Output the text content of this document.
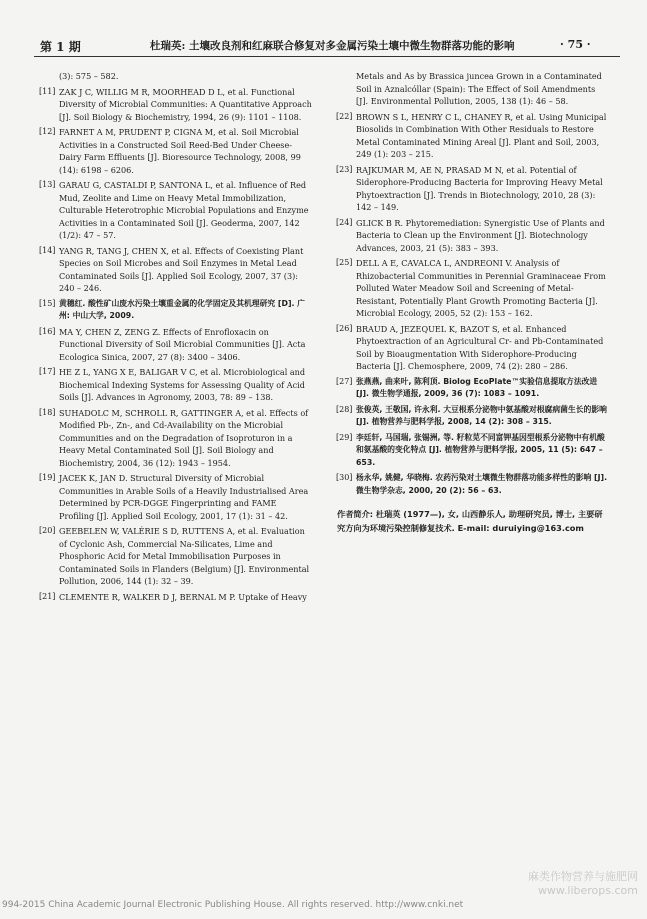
第 1 期	杜瑞英: 土壤改良剂和红麻联合修复对多金属污染土壤中微生物群落功能的影响	· 75 ·
(3): 575 – 582.
[11] ZAK J C, WILLIG M R, MOORHEAD D L, et al. Functional Diversity of Microbial Communities: A Quantitative Approach [J]. Soil Biology & Biochemistry, 1994, 26 (9): 1101 – 1108.
[12] FARNET A M, PRUDENT P, CIGNA M, et al. Soil Microbial Activities in a Constructed Soil Reed-Bed Under Cheese-Dairy Farm Effluents [J]. Bioresource Technology, 2008, 99 (14): 6198 – 6206.
[13] GARAU G, CASTALDI P, SANTONA L, et al. Influence of Red Mud, Zeolite and Lime on Heavy Metal Immobilization, Culturable Heterotrophic Microbial Populations and Enzyme Activities in a Contaminated Soil [J]. Geoderma, 2007, 142 (1/2): 47 – 57.
[14] YANG R, TANG J, CHEN X, et al. Effects of Coexisting Plant Species on Soil Microbes and Soil Enzymes in Metal Lead Contaminated Soils [J]. Applied Soil Ecology, 2007, 37 (3): 240 – 246.
[15] 黄穗红. 酸性矿山废水污染土壤重金属的化学固定及其机理研究 [D]. 广州: 中山大学, 2009.
[16] MA Y, CHEN Z, ZENG Z. Effects of Enrofloxacin on Functional Diversity of Soil Microbial Communities [J]. Acta Ecologica Sinica, 2007, 27 (8): 3400 – 3406.
[17] HE Z L, YANG X E, BALIGAR V C, et al. Microbiological and Biochemical Indexing Systems for Assessing Quality of Acid Soils [J]. Advances in Agronomy, 2003, 78: 89 – 138.
[18] SUHADOLC M, SCHROLL R, GATTINGER A, et al. Effects of Modified Pb-, Zn-, and Cd-Availability on the Microbial Communities and on the Degradation of Isoproturon in a Heavy Metal Contaminated Soil [J]. Soil Biology and Biochemistry, 2004, 36 (12): 1943 – 1954.
[19] JACEK K, JAN D. Structural Diversity of Microbial Communities in Arable Soils of a Heavily Industrialised Area Determined by PCR-DGGE Fingerprinting and FAME Profiling [J]. Applied Soil Ecology, 2001, 17 (1): 31 – 42.
[20] GEEBELEN W, VALÉRIE S D, RUTTENS A, et al. Evaluation of Cyclonic Ash, Commercial Na-Silicates, Lime and Phosphoric Acid for Metal Immobilisation Purposes in Contaminated Soils in Flanders (Belgium) [J]. Environmental Pollution, 2006, 144 (1): 32 – 39.
[21] CLEMENTE R, WALKER D J, BERNAL M P. Uptake of Heavy
Metals and As by Brassica juncea Grown in a Contaminated Soil in Aznalcóllar (Spain): The Effect of Soil Amendments [J]. Environmental Pollution, 2005, 138 (1): 46 – 58.
[22] BROWN S L, HENRY C L, CHANEY R, et al. Using Municipal Biosolids in Combination With Other Residuals to Restore Metal Contaminated Mining Areal [J]. Plant and Soil, 2003, 249 (1): 203 – 215.
[23] RAJKUMAR M, AE N, PRASAD M N, et al. Potential of Siderophore-Producing Bacteria for Improving Heavy Metal Phytoextraction [J]. Trends in Biotechnology, 2010, 28 (3): 142 – 149.
[24] GLICK B R. Phytoremediation: Synergistic Use of Plants and Bacteria to Clean up the Environment [J]. Biotechnology Advances, 2003, 21 (5): 383 – 393.
[25] DELL A E, CAVALCA L, ANDREONI V. Analysis of Rhizobacterial Communities in Perennial Graminaceae From Polluted Water Meadow Soil and Screening of Metal-Resistant, Potentially Plant Growth Promoting Bacteria [J]. Microbial Ecology, 2005, 52 (2): 153 – 162.
[26] BRAUD A, JEZEQUEL K, BAZOT S, et al. Enhanced Phytoextraction of an Agricultural Cr- and Pb-Contaminated Soil by Bioaugmentation With Siderophore-Producing Bacteria [J]. Chemosphere, 2009, 74 (2): 280 – 286.
[27] 张燕燕, 曲来叶, 陈利顶. Biolog EcoPlate™实验信息提取方法改进 [J]. 微生物学通报, 2009, 36 (7): 1083 – 1091.
[28] 张俊英, 王敬国, 许永利. 大豆根系分泌物中氨基酸对根腐病菌生长的影响 [J]. 植物营养与肥料学报, 2008, 14 (2): 308 – 315.
[29] 李廷轩, 马国瑞, 张锡洲, 等. 籽粒苋不同富钾基因型根系分泌物中有机酸和氨基酸的变化特点 [J]. 植物营养与肥料学报, 2005, 11 (5): 647 – 653.
[30] 杨永华, 姚健, 华晓梅. 农药污染对土壤微生物群落功能多样性的影响 [J]. 微生物学杂志, 2000, 20 (2): 56 – 63.
作者简介: 杜瑞英 (1977—), 女, 山西静乐人, 助理研究员, 博士, 主要研究方向为环境污染控制修复技术. E-mail: duruiying@163.com
994-2015 China Academic Journal Electronic Publishing House. All rights reserved. http://www.cnki.net
麻类作物营养与施肥网
www.liberops.com
